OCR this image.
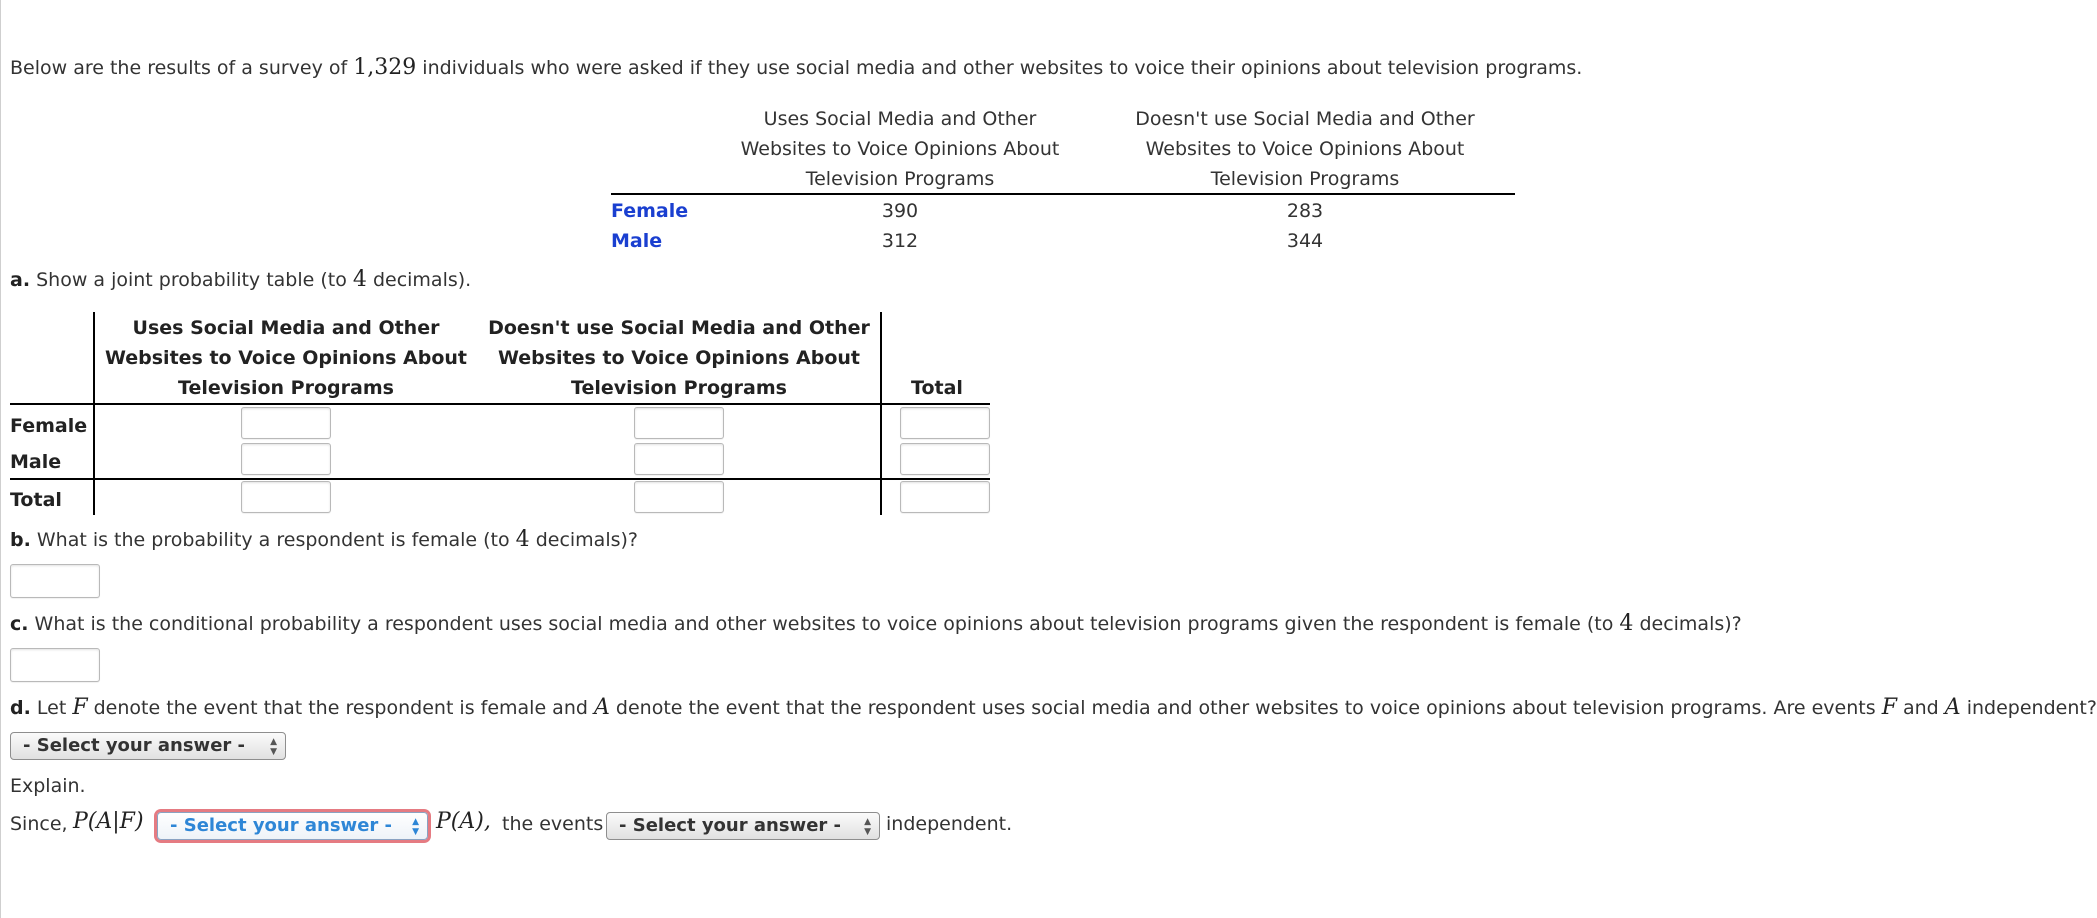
Below are the results of a survey of 1,329 individuals who were asked if they use social media and other websites to voice their opinions about television programs.
Uses Social Media and Other
Websites to Voice Opinions About
Television Programs
Doesn't use Social Media and Other
Websites to Voice Opinions About
Television Programs
Female	390	283
Male	312	344
a. Show a joint probability table (to 4 decimals).
Uses Social Media and Other
Websites to Voice Opinions About
Television Programs
Doesn't use Social Media and Other
Websites to Voice Opinions About
Television Programs	Total
Female
Male
Total
b. What is the probability a respondent is female (to 4 decimals)?
c. What is the conditional probability a respondent uses social media and other websites to voice opinions about television programs given the respondent is female (to 4 decimals)?
d. Let F denote the event that the respondent is female and A denote the event that the respondent uses social media and other websites to voice opinions about television programs. Are events F and A independent?
- Select your answer -	▲
▼
Explain.
Since, P(A|F)	- Select your answer - ▲
▼ P(A), the events - Select your answer -	▲
▼ independent.
